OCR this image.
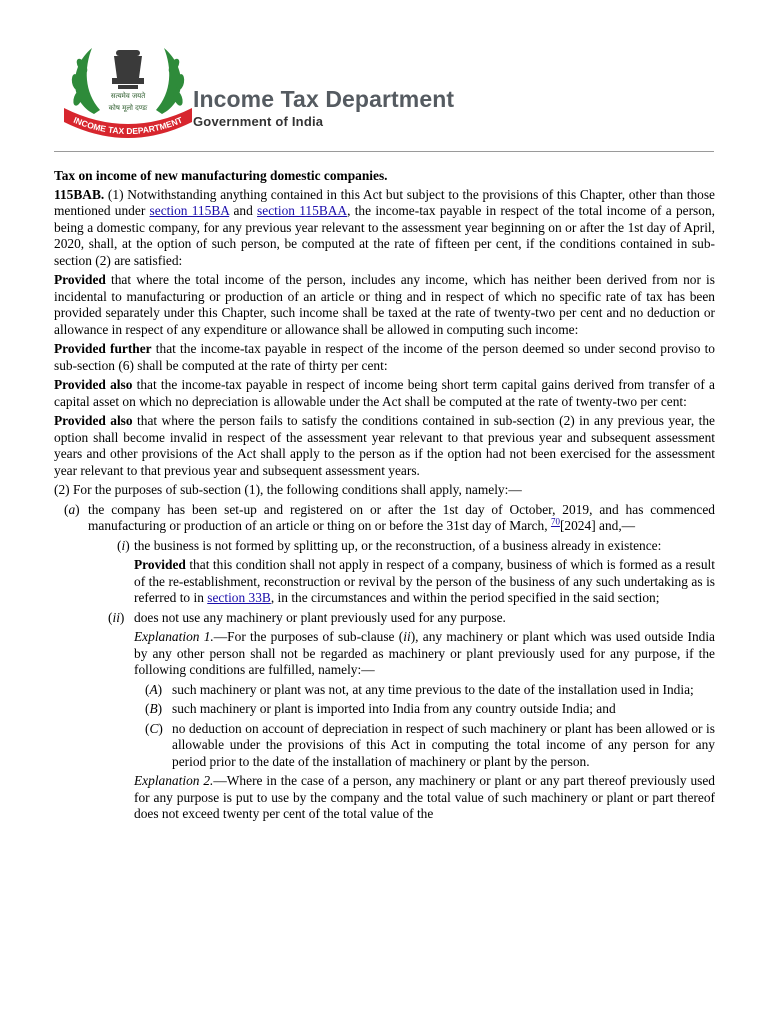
सत्यमेव जयते
कोष मूलो दण्डः
INCOME TAX DEPARTMENT
Income Tax Department
Government of India

Tax on income of new manufacturing domestic companies.

115BAB. (1) Notwithstanding anything contained in this Act but subject to the provisions of this Chapter, other than those mentioned under section 115BA and section 115BAA, the income-tax payable in respect of the total income of a person, being a domestic company, for any previous year relevant to the assessment year beginning on or after the 1st day of April, 2020, shall, at the option of such person, be computed at the rate of fifteen per cent, if the conditions contained in sub-section (2) are satisfied:

Provided that where the total income of the person, includes any income, which has neither been derived from nor is incidental to manufacturing or production of an article or thing and in respect of which no specific rate of tax has been provided separately under this Chapter, such income shall be taxed at the rate of twenty-two per cent and no deduction or allowance in respect of any expenditure or allowance shall be allowed in computing such income:

Provided further that the income-tax payable in respect of the income of the person deemed so under second proviso to sub-section (6) shall be computed at the rate of thirty per cent:

Provided also that the income-tax payable in respect of income being short term capital gains derived from transfer of a capital asset on which no depreciation is allowable under the Act shall be computed at the rate of twenty-two per cent:

Provided also that where the person fails to satisfy the conditions contained in sub-section (2) in any previous year, the option shall become invalid in respect of the assessment year relevant to that previous year and subsequent assessment years and other provisions of the Act shall apply to the person as if the option had not been exercised for the assessment year relevant to that previous year and subsequent assessment years.

(2) For the purposes of sub-section (1), the following conditions shall apply, namely:—

(a) the company has been set-up and registered on or after the 1st day of October, 2019, and has commenced manufacturing or production of an article or thing on or before the 31st day of March, $^{70}$[2024] and,—

(i) the business is not formed by splitting up, or the reconstruction, of a business already in existence:

Provided that this condition shall not apply in respect of a company, business of which is formed as a result of the re-establishment, reconstruction or revival by the person of the business of any such undertaking as is referred to in section 33B, in the circumstances and within the period specified in the said section;

(ii) does not use any machinery or plant previously used for any purpose.

Explanation 1.—For the purposes of sub-clause (ii), any machinery or plant which was used outside India by any other person shall not be regarded as machinery or plant previously used for any purpose, if the following conditions are fulfilled, namely:—

(A) such machinery or plant was not, at any time previous to the date of the installation used in India;

(B) such machinery or plant is imported into India from any country outside India; and

(C) no deduction on account of depreciation in respect of such machinery or plant has been allowed or is allowable under the provisions of this Act in computing the total income of any person for any period prior to the date of the installation of machinery or plant by the person.

Explanation 2.—Where in the case of a person, any machinery or plant or any part thereof previously used for any purpose is put to use by the company and the total value of such machinery or plant or part thereof does not exceed twenty per cent of the total value of the
